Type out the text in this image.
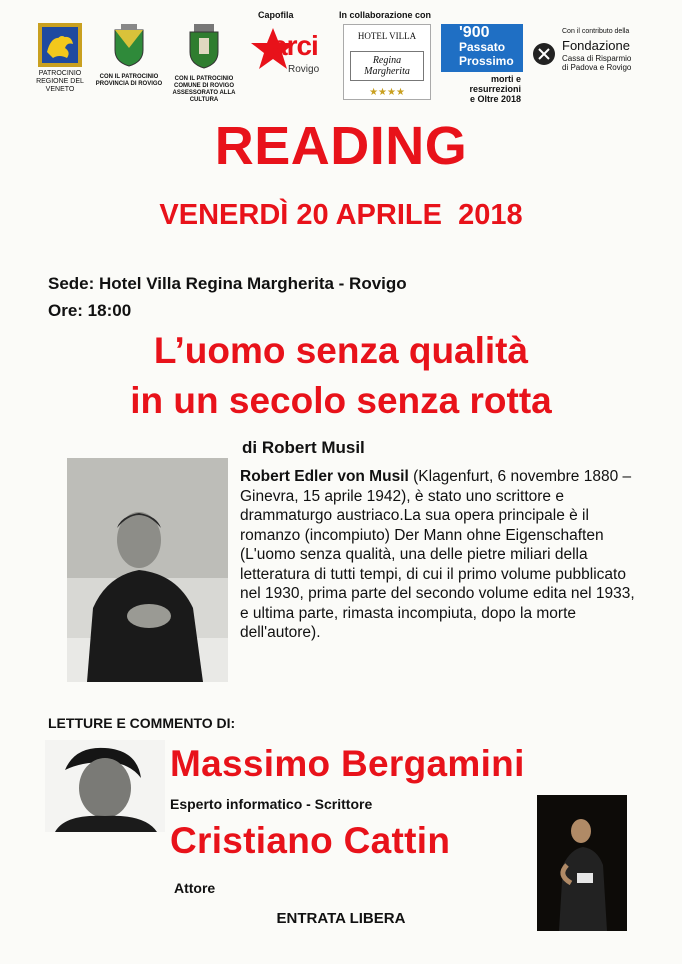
PATROCINIO
REGIONE DEL VENETO
CON IL PATROCINIO
PROVINCIA DI ROVIGO
CON IL PATROCINIO
COMUNE DI ROVIGO
ASSESSORATO ALLA CULTURA
Capofila
arci
Rovigo
In collaborazione con
HOTEL VILLA
Regina Margherita
★★★★
'900
Passato
Prossimo
morti e
resurrezioni
e Oltre 2018
Con il contributo della
Fondazione
Cassa di Risparmio
di Padova e Rovigo
READING
VENERDÌ 20 APRILE  2018
Sede: Hotel Villa Regina Margherita - Rovigo
Ore: 18:00
L’uomo senza qualità
in un secolo senza rotta
di Robert Musil

Robert Edler von Musil (Klagenfurt, 6 novembre 1880 – Ginevra, 15 aprile 1942), è stato uno scrittore e drammaturgo austriaco.La sua opera principale è il romanzo (incompiuto) Der Mann ohne Eigenschaften (L'uomo senza qualità, una delle pietre miliari della letteratura di tutti tempi, di cui il primo volume pubblicato nel 1930, prima parte del secondo volume edita nel 1933, e ultima parte, rimasta incompiuta, dopo la morte dell'autore).

LETTURE E COMMENTO DI:
Massimo Bergamini
Esperto informatico - Scrittore
Cristiano Cattin
Attore
ENTRATA LIBERA
